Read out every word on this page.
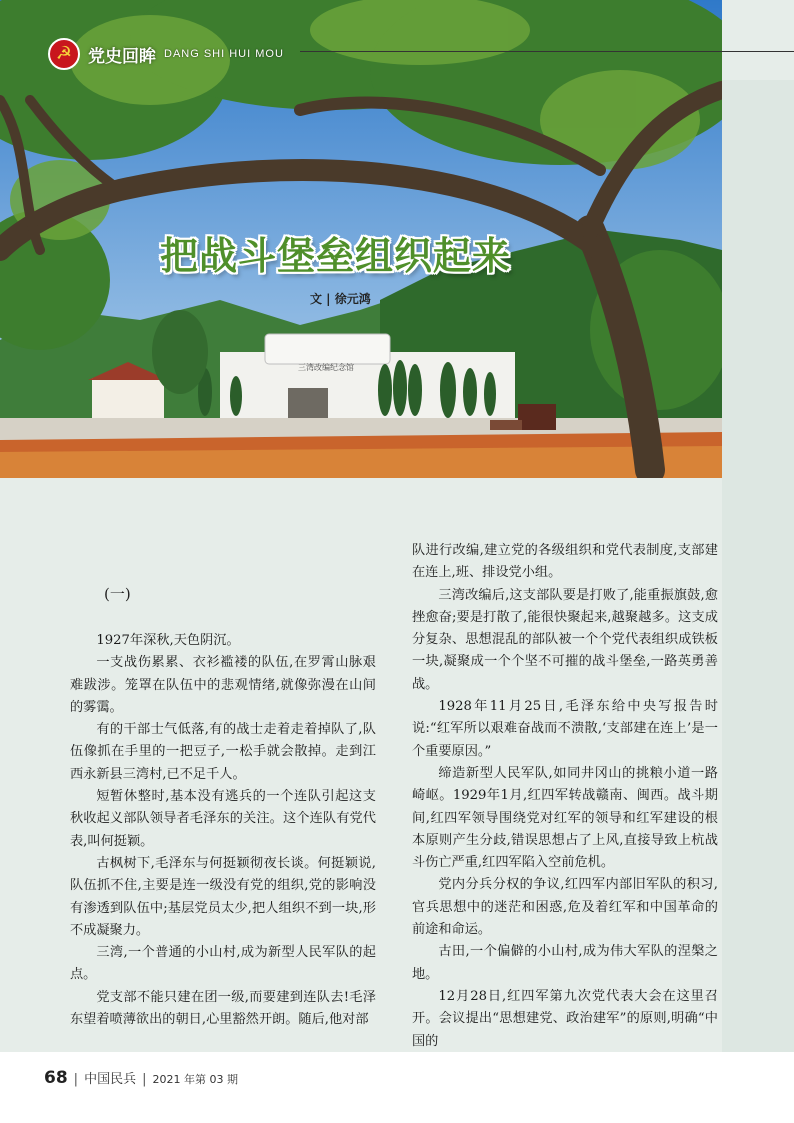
三湾改编纪念馆
☭ 党史回眸 DANG SHI HUI MOU
把战斗堡垒组织起来
文 | 徐元鸿
(一)

1927年深秋,天色阴沉。

一支战伤累累、衣衫褴褛的队伍,在罗霄山脉艰难跋涉。笼罩在队伍中的悲观情绪,就像弥漫在山间的雾霭。

有的干部士气低落,有的战士走着走着掉队了,队伍像抓在手里的一把豆子,一松手就会散掉。走到江西永新县三湾村,已不足千人。

短暂休整时,基本没有逃兵的一个连队引起这支秋收起义部队领导者毛泽东的关注。这个连队有党代表,叫何挺颖。

古枫树下,毛泽东与何挺颖彻夜长谈。何挺颖说,队伍抓不住,主要是连一级没有党的组织,党的影响没有渗透到队伍中;基层党员太少,把人组织不到一块,形不成凝聚力。

三湾,一个普通的小山村,成为新型人民军队的起点。

党支部不能只建在团一级,而要建到连队去!毛泽东望着喷薄欲出的朝日,心里豁然开朗。随后,他对部

队进行改编,建立党的各级组织和党代表制度,支部建在连上,班、排设党小组。

三湾改编后,这支部队要是打败了,能重振旗鼓,愈挫愈奋;要是打散了,能很快聚起来,越聚越多。这支成分复杂、思想混乱的部队被一个个党代表组织成铁板一块,凝聚成一个个坚不可摧的战斗堡垒,一路英勇善战。

1928年11月25日,毛泽东给中央写报告时说:“红军所以艰难奋战而不溃散,‘支部建在连上’是一个重要原因。”

缔造新型人民军队,如同井冈山的挑粮小道一路崎岖。1929年1月,红四军转战赣南、闽西。战斗期间,红四军领导围绕党对红军的领导和红军建设的根本原则产生分歧,错误思想占了上风,直接导致上杭战斗伤亡严重,红四军陷入空前危机。

党内分兵分权的争议,红四军内部旧军队的积习,官兵思想中的迷茫和困惑,危及着红军和中国革命的前途和命运。

古田,一个偏僻的小山村,成为伟大军队的涅槃之地。

12月28日,红四军第九次党代表大会在这里召开。会议提出“思想建党、政治建军”的原则,明确“中国的

68 | 中国民兵 | 2021 年第 03 期
